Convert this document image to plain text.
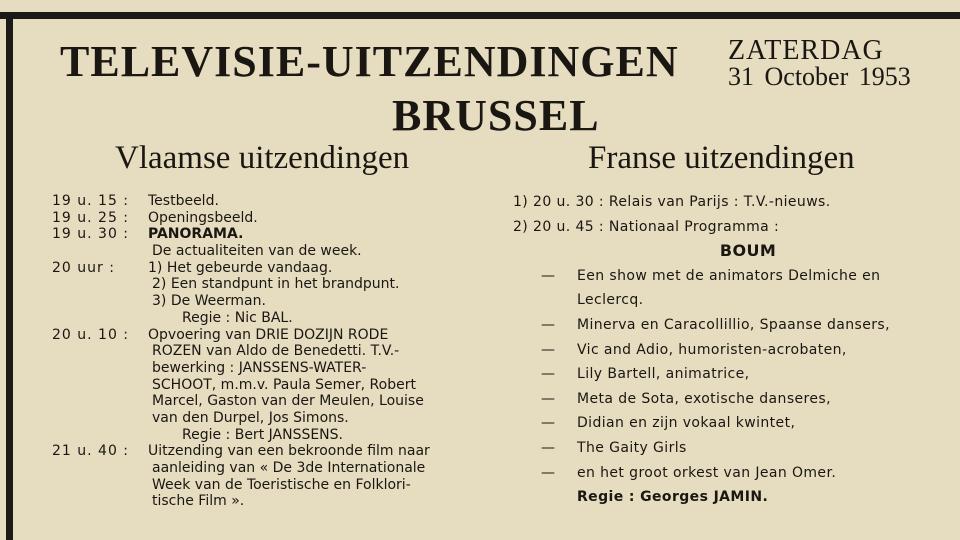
TELEVISIE-UITZENDINGEN ZATERDAG
31 October 1953
BRUSSEL
Vlaamse uitzendingen	Franse uitzendingen
19 u. 15 : Testbeeld.
19 u. 25 : Openingsbeeld.
19 u. 30 : PANORAMA.
De actualiteiten van de week.
20 uur : 1) Het gebeurde vandaag.
2) Een standpunt in het brandpunt.
3) De Weerman.
Regie : Nic BAL.
20 u. 10 : Opvoering van DRIE DOZIJN RODE
ROZEN van Aldo de Benedetti. T.V.-
bewerking : JANSSENS-WATER-
SCHOOT, m.m.v. Paula Semer, Robert
Marcel, Gaston van der Meulen, Louise
van den Durpel, Jos Simons.
Regie : Bert JANSSENS.
21 u. 40 : Uitzending van een bekroonde film naar
aanleiding van « De 3de Internationale
Week van de Toeristische en Folklori-
tische Film ».
1) 20 u. 30 : Relais van Parijs : T.V.-nieuws.
2) 20 u. 45 : Nationaal Programma :
BOUM
— Een show met de animators Delmiche en
Leclercq.
— Minerva en Caracollillio, Spaanse dansers,
— Vic and Adio, humoristen-acrobaten,
— Lily Bartell, animatrice,
— Meta de Sota, exotische danseres,
— Didian en zijn vokaal kwintet,
— The Gaity Girls
— en het groot orkest van Jean Omer.
Regie : Georges JAMIN.
